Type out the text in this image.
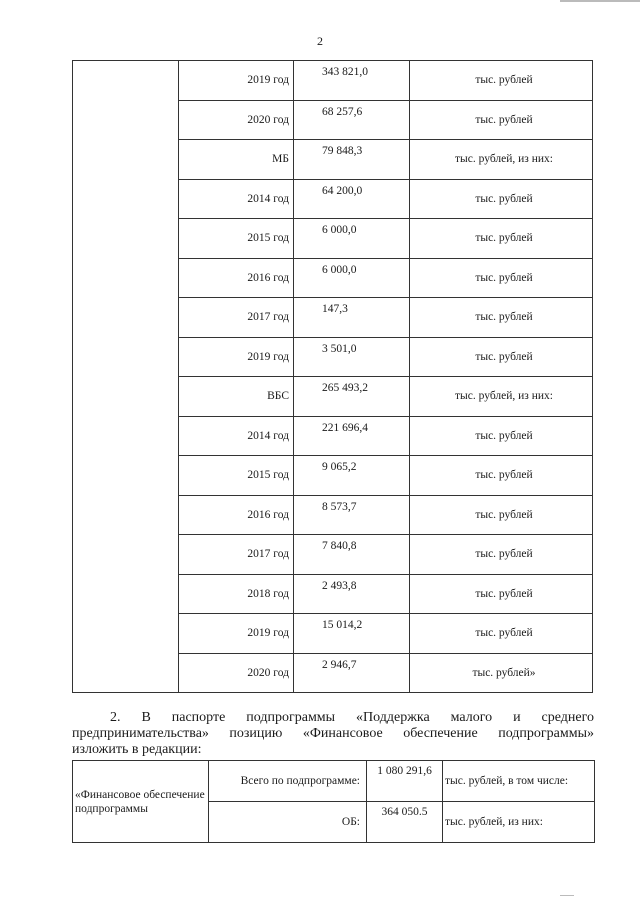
2
	2019 год	343 821,0	тыс. рублей
	2020 год	68 257,6	тыс. рублей
	МБ	79 848,3	тыс. рублей, из них:
	2014 год	64 200,0	тыс. рублей
	2015 год	6 000,0	тыс. рублей
	2016 год	6 000,0	тыс. рублей
	2017 год	147,3	тыс. рублей
	2019 год	3 501,0	тыс. рублей
	ВБС	265 493,2	тыс. рублей, из них:
	2014 год	221 696,4	тыс. рублей
	2015 год	9 065,2	тыс. рублей
	2016 год	8 573,7	тыс. рублей
	2017 год	7 840,8	тыс. рублей
	2018 год	2 493,8	тыс. рублей
	2019 год	15 014,2	тыс. рублей
	2020 год	2 946,7	тыс. рублей»
2. В паспорте подпрограммы «Поддержка малого и среднего
предпринимательства» позицию «Финансовое обеспечение подпрограммы»
изложить в редакции:
«Финансовое обеспечение подпрограммы	Всего по подпрограмме:	1 080 291,6	тыс. рублей, в том числе:
	ОБ:	364 050.5	тыс. рублей, из них:
